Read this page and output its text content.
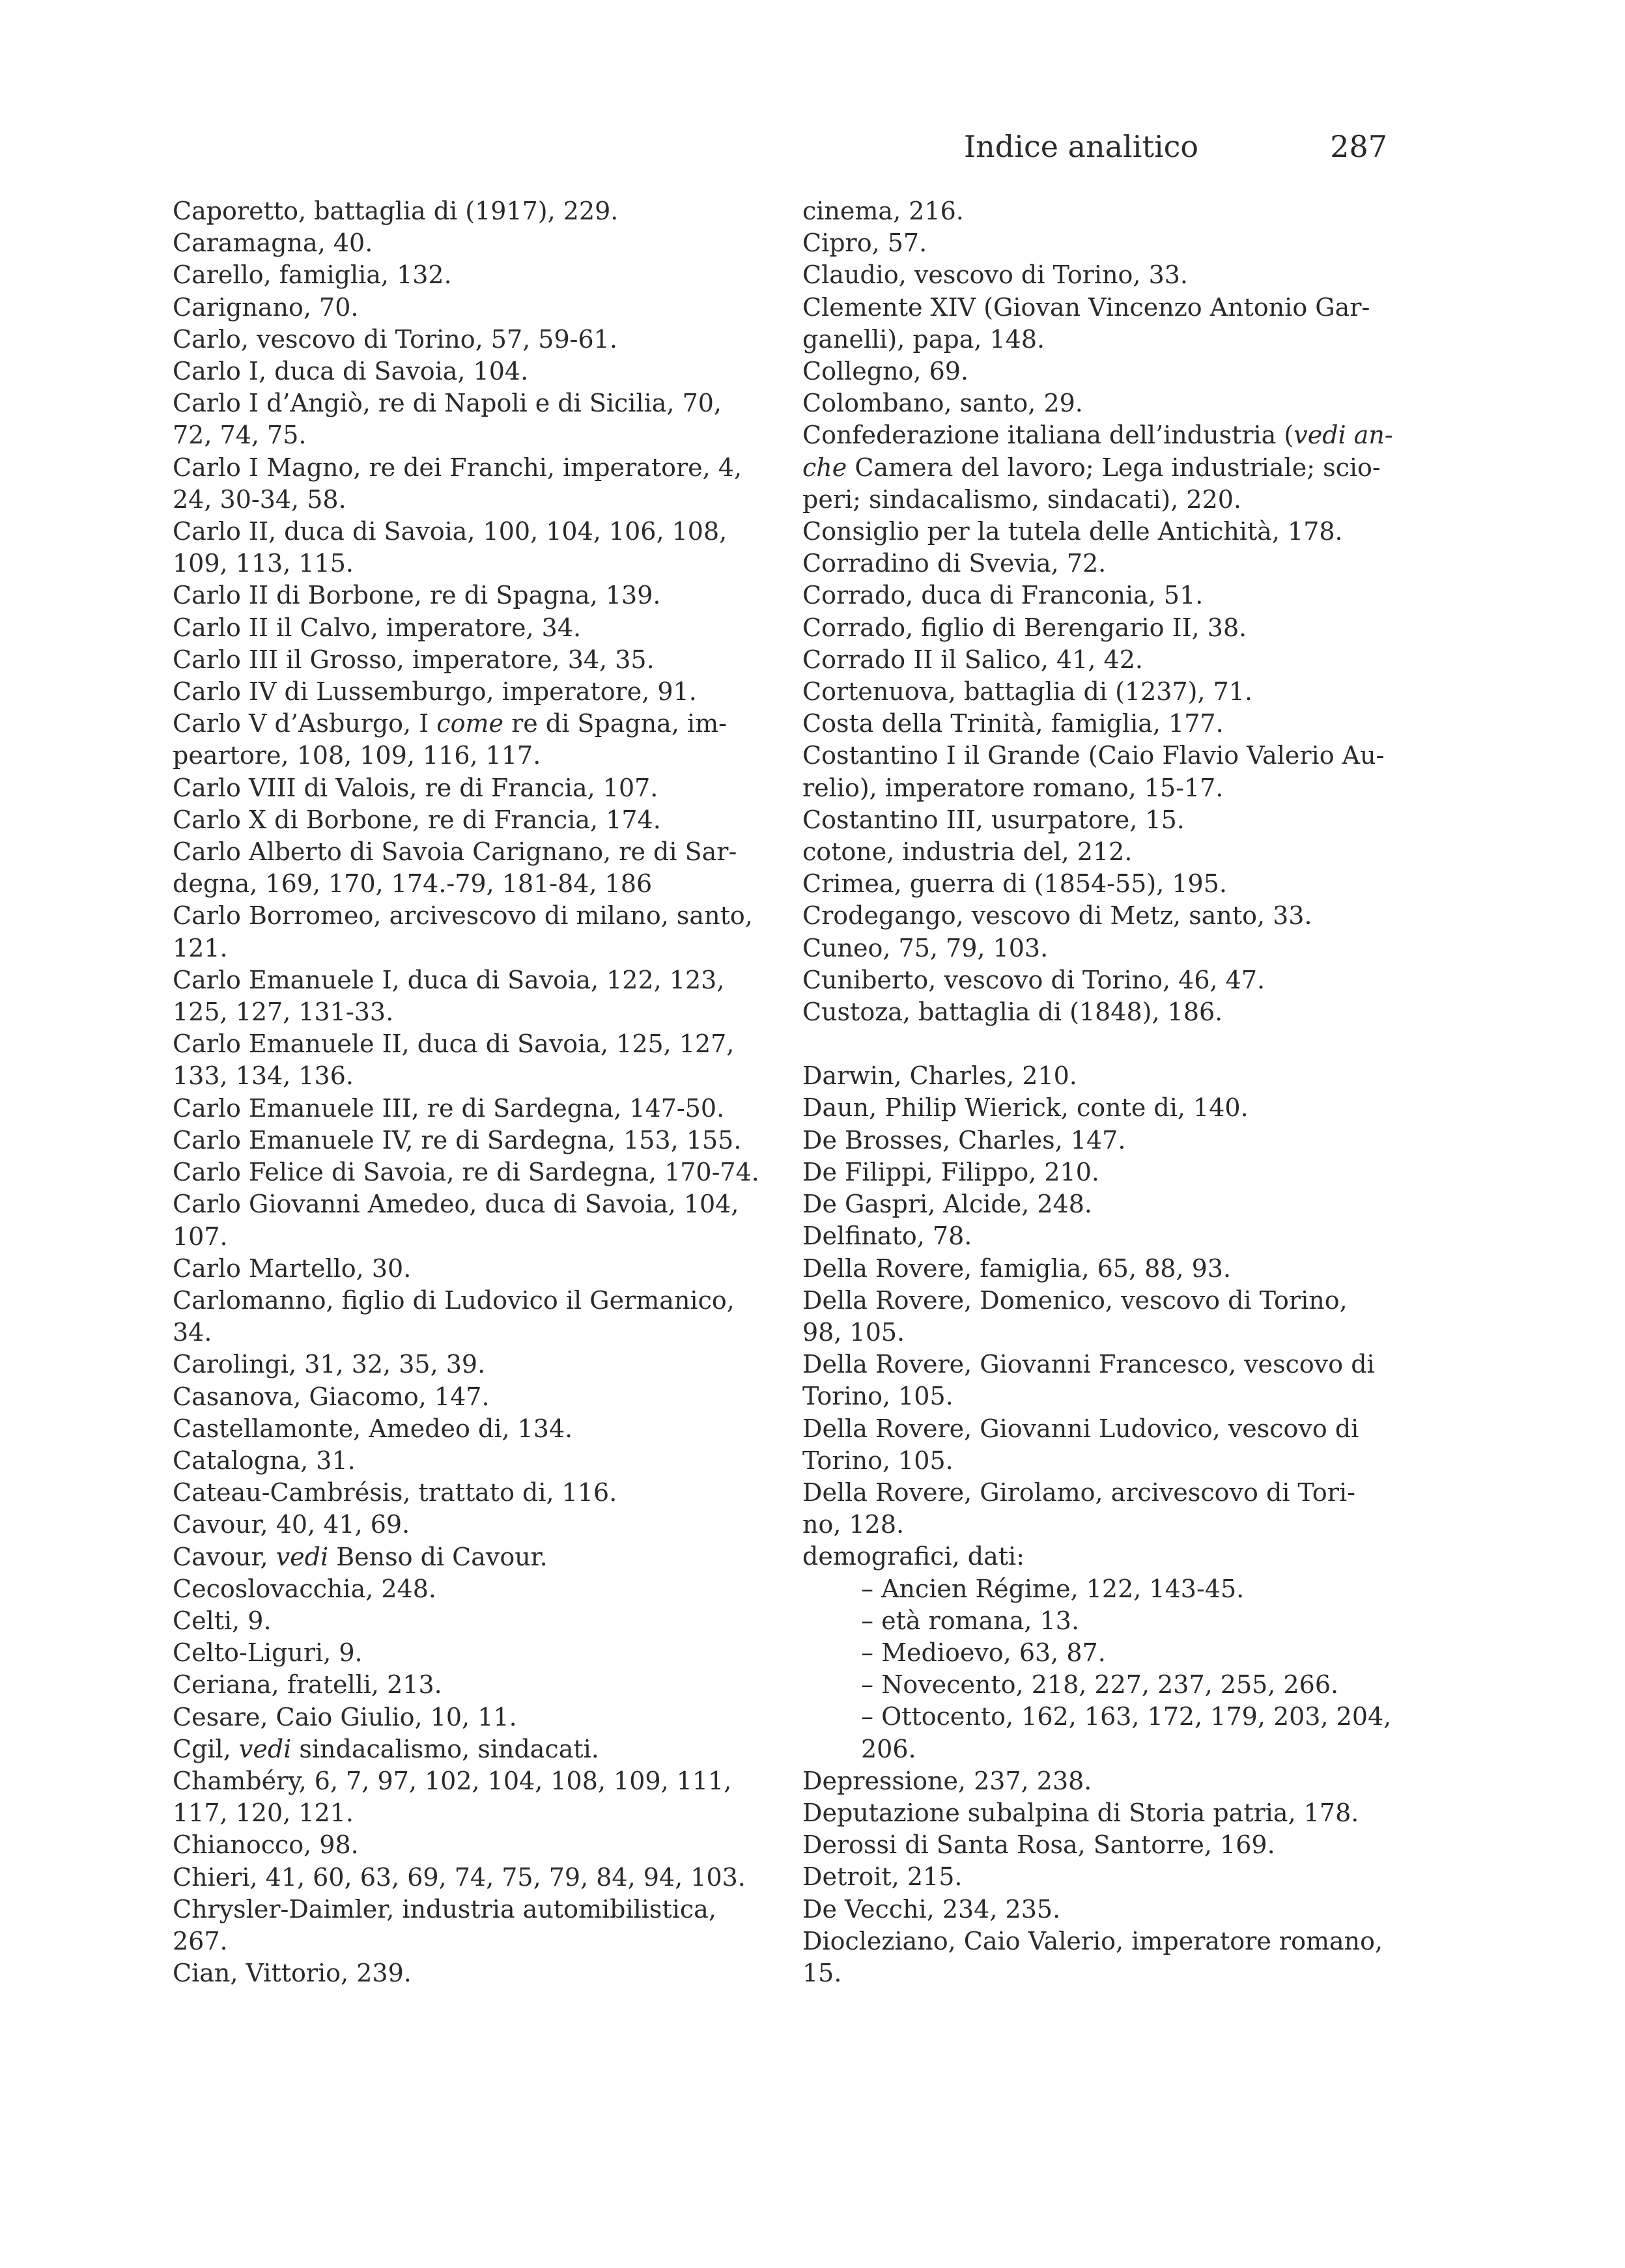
Indice analitico	287
Caporetto, battaglia di (1917), 229.
Caramagna, 40.
Carello, famiglia, 132.
Carignano, 70.
Carlo, vescovo di Torino, 57, 59-61.
Carlo I, duca di Savoia, 104.
Carlo I d’Angiò, re di Napoli e di Sicilia, 70,
72, 74, 75.
Carlo I Magno, re dei Franchi, imperatore, 4,
24, 30-34, 58.
Carlo II, duca di Savoia, 100, 104, 106, 108,
109, 113, 115.
Carlo II di Borbone, re di Spagna, 139.
Carlo II il Calvo, imperatore, 34.
Carlo III il Grosso, imperatore, 34, 35.
Carlo IV di Lussemburgo, imperatore, 91.
Carlo V d’Asburgo, I come re di Spagna, im-
peartore, 108, 109, 116, 117.
Carlo VIII di Valois, re di Francia, 107.
Carlo X di Borbone, re di Francia, 174.
Carlo Alberto di Savoia Carignano, re di Sar-
degna, 169, 170, 174.-79, 181-84, 186
Carlo Borromeo, arcivescovo di milano, santo,
121.
Carlo Emanuele I, duca di Savoia, 122, 123,
125, 127, 131-33.
Carlo Emanuele II, duca di Savoia, 125, 127,
133, 134, 136.
Carlo Emanuele III, re di Sardegna, 147-50.
Carlo Emanuele IV, re di Sardegna, 153, 155.
Carlo Felice di Savoia, re di Sardegna, 170-74.
Carlo Giovanni Amedeo, duca di Savoia, 104,
107.
Carlo Martello, 30.
Carlomanno, figlio di Ludovico il Germanico,
34.
Carolingi, 31, 32, 35, 39.
Casanova, Giacomo, 147.
Castellamonte, Amedeo di, 134.
Catalogna, 31.
Cateau-Cambrésis, trattato di, 116.
Cavour, 40, 41, 69.
Cavour, vedi Benso di Cavour.
Cecoslovacchia, 248.
Celti, 9.
Celto-Liguri, 9.
Ceriana, fratelli, 213.
Cesare, Caio Giulio, 10, 11.
Cgil, vedi sindacalismo, sindacati.
Chambéry, 6, 7, 97, 102, 104, 108, 109, 111,
117, 120, 121.
Chianocco, 98.
Chieri, 41, 60, 63, 69, 74, 75, 79, 84, 94, 103.
Chrysler-Daimler, industria automibilistica,
267.
Cian, Vittorio, 239.
cinema, 216.
Cipro, 57.
Claudio, vescovo di Torino, 33.
Clemente XIV (Giovan Vincenzo Antonio Gar-
ganelli), papa, 148.
Collegno, 69.
Colombano, santo, 29.
Confederazione italiana dell’industria (vedi an-
che Camera del lavoro; Lega industriale; scio-
peri; sindacalismo, sindacati), 220.
Consiglio per la tutela delle Antichità, 178.
Corradino di Svevia, 72.
Corrado, duca di Franconia, 51.
Corrado, figlio di Berengario II, 38.
Corrado II il Salico, 41, 42.
Cortenuova, battaglia di (1237), 71.
Costa della Trinità, famiglia, 177.
Costantino I il Grande (Caio Flavio Valerio Au-
relio), imperatore romano, 15-17.
Costantino III, usurpatore, 15.
cotone, industria del, 212.
Crimea, guerra di (1854-55), 195.
Crodegango, vescovo di Metz, santo, 33.
Cuneo, 75, 79, 103.
Cuniberto, vescovo di Torino, 46, 47.
Custoza, battaglia di (1848), 186.
Darwin, Charles, 210.
Daun, Philip Wierick, conte di, 140.
De Brosses, Charles, 147.
De Filippi, Filippo, 210.
De Gaspri, Alcide, 248.
Delfinato, 78.
Della Rovere, famiglia, 65, 88, 93.
Della Rovere, Domenico, vescovo di Torino,
98, 105.
Della Rovere, Giovanni Francesco, vescovo di
Torino, 105.
Della Rovere, Giovanni Ludovico, vescovo di
Torino, 105.
Della Rovere, Girolamo, arcivescovo di Tori-
no, 128.
demografici, dati:
– Ancien Régime, 122, 143-45.
– età romana, 13.
– Medioevo, 63, 87.
– Novecento, 218, 227, 237, 255, 266.
– Ottocento, 162, 163, 172, 179, 203, 204,
206.
Depressione, 237, 238.
Deputazione subalpina di Storia patria, 178.
Derossi di Santa Rosa, Santorre, 169.
Detroit, 215.
De Vecchi, 234, 235.
Diocleziano, Caio Valerio, imperatore romano,
15.
